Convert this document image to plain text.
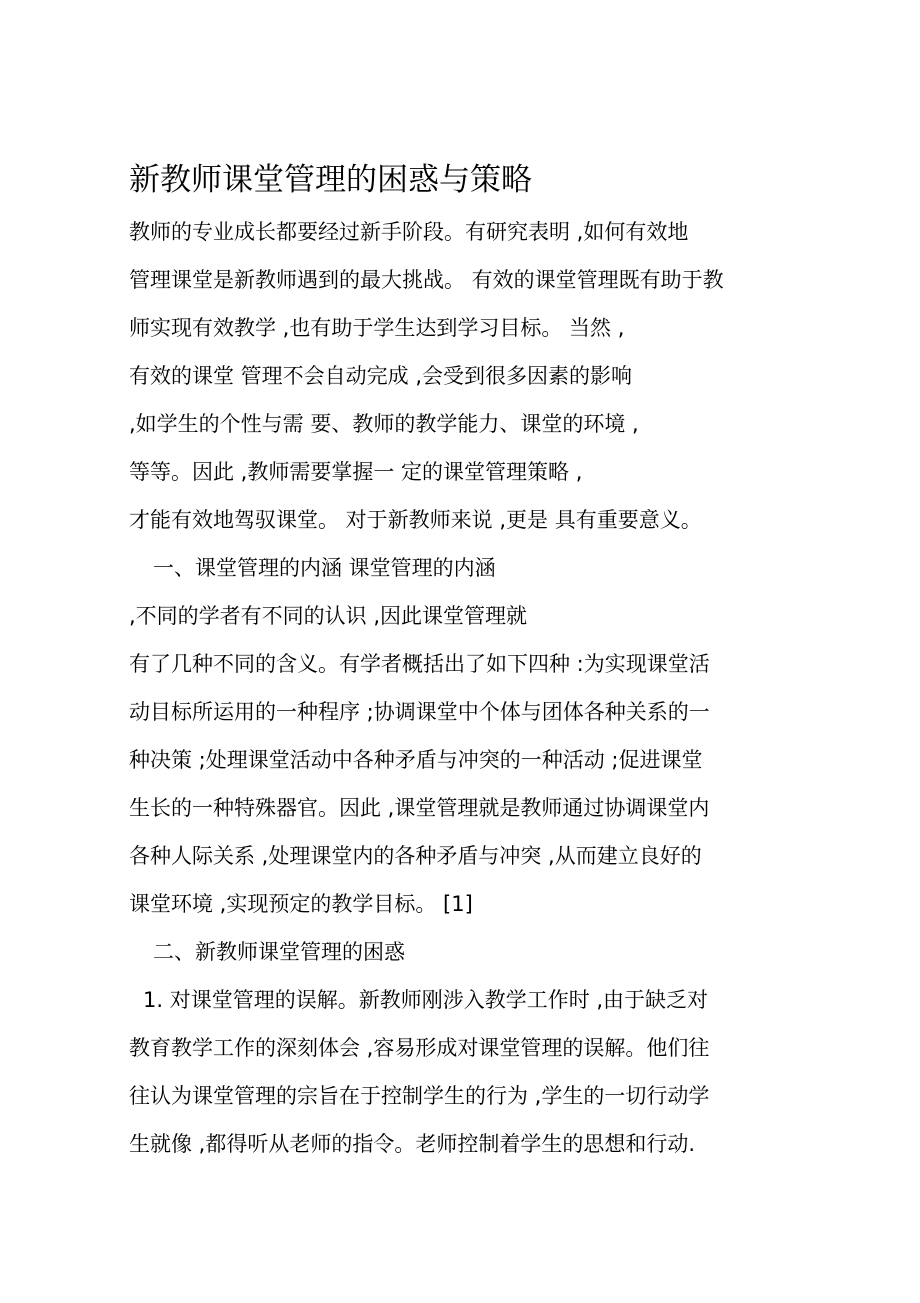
新教师课堂管理的困惑与策略
教师的专业成长都要经过新手阶段。有研究表明 ,如何有效地
管理课堂是新教师遇到的最大挑战。 有效的课堂管理既有助于教
师实现有效教学 ,也有助于学生达到学习目标。 当然 ,
有效的课堂 管理不会自动完成 ,会受到很多因素的影响
,如学生的个性与需 要、教师的教学能力、课堂的环境 ,
等等。因此 ,教师需要掌握一 定的课堂管理策略 ,
才能有效地驾驭课堂。 对于新教师来说 ,更是 具有重要意义。
一、课堂管理的内涵 课堂管理的内涵
,不同的学者有不同的认识 ,因此课堂管理就
有了几种不同的含义。有学者概括出了如下四种 :为实现课堂活
动目标所运用的一种程序 ;协调课堂中个体与团体各种关系的一
种决策 ;处理课堂活动中各种矛盾与冲突的一种活动 ;促进课堂
生长的一种特殊器官。因此 ,课堂管理就是教师通过协调课堂内
各种人际关系 ,处理课堂内的各种矛盾与冲突 ,从而建立良好的
课堂环境 ,实现预定的教学目标。 [1]
二、新教师课堂管理的困惑
1. 对课堂管理的误解。新教师刚涉入教学工作时 ,由于缺乏对
教育教学工作的深刻体会 ,容易形成对课堂管理的误解。他们往
往认为课堂管理的宗旨在于控制学生的行为 ,学生的一切行动学
生就像 ,都得听从老师的指令。老师控制着学生的思想和行动.
